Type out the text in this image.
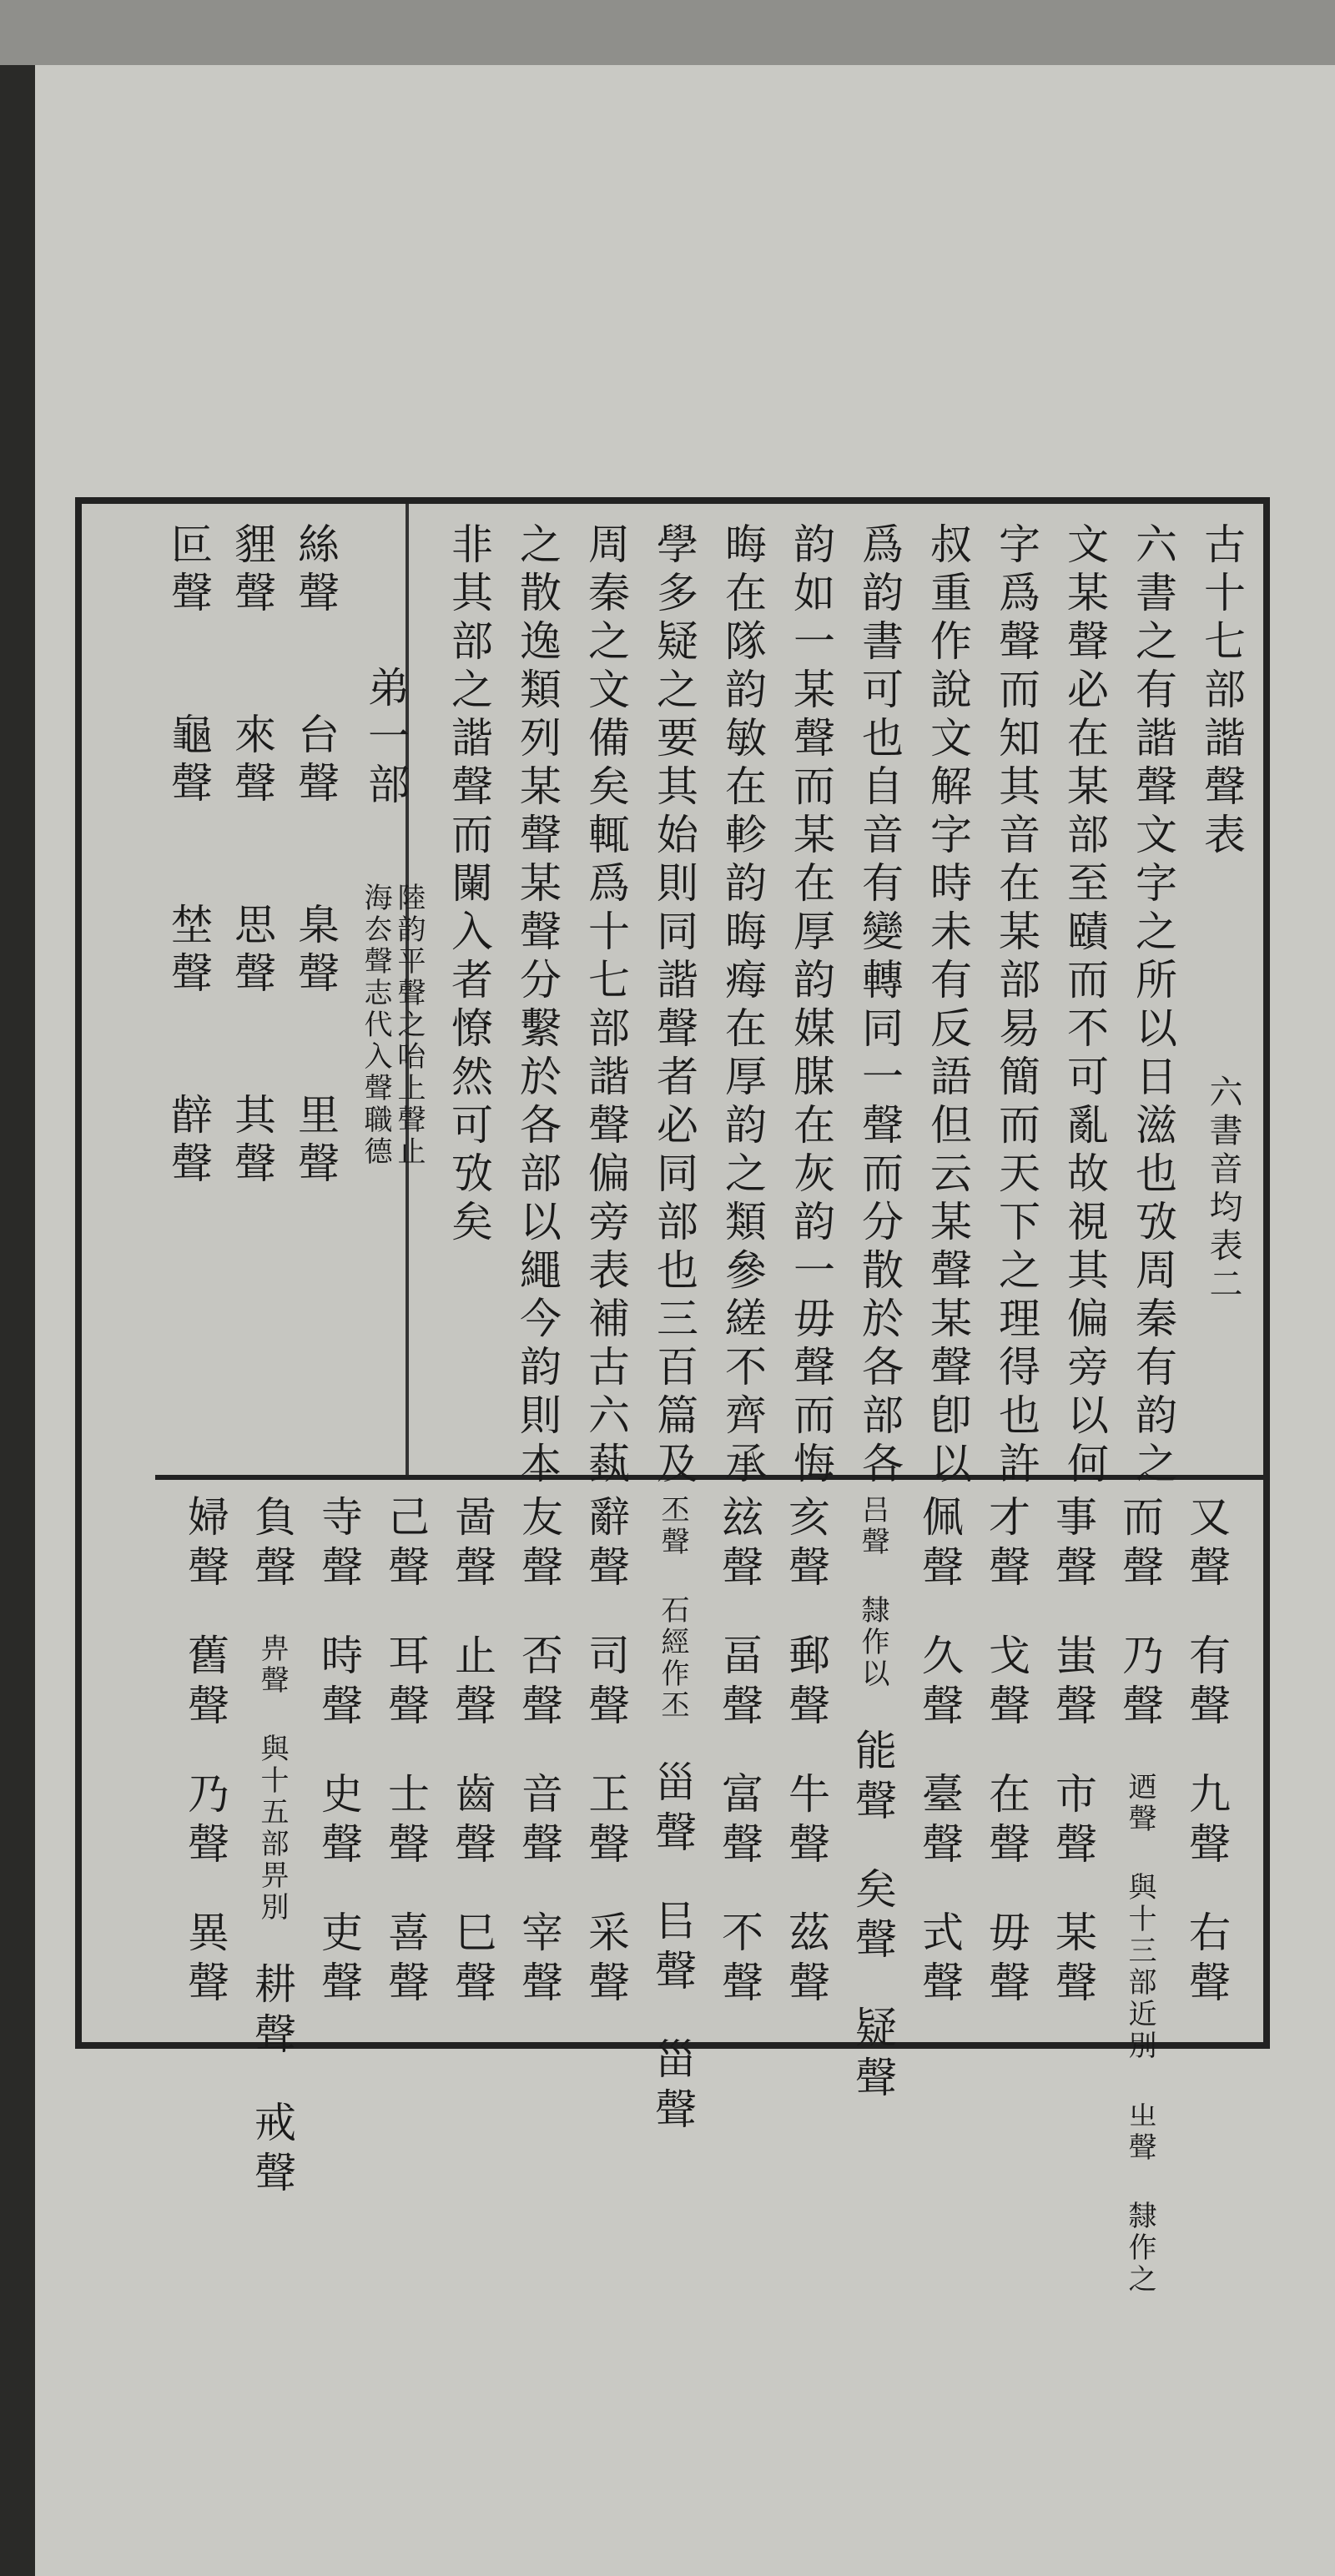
古十七部諧聲表
六書音均表二
六書之有諧聲文字之所以日滋也攷周秦有韵之
文某聲必在某部至賾而不可亂故視其偏旁以何
字爲聲而知其音在某部易簡而天下之理得也許
叔重作說文解字時未有反語但云某聲某聲卽以
爲韵書可也自音有變轉同一聲而分散於各部各
韵如一某聲而某在厚韵媒腜在灰韵一毋聲而悔
晦在隊韵敏在軫韵晦痗在厚韵之類參縒不齊承
學多疑之要其始則同諧聲者必同部也三百篇及
周秦之文備矣輒爲十七部諧聲偏旁表補古六蓺
之散逸類列某聲某聲分繫於各部以繩今韵則本
非其部之諧聲而闌入者憭然可攷矣
弟一部
陸韵平聲之咍上聲止
海厺聲志代入聲職德
絲聲 台聲 臬聲 里聲
貍聲 來聲 思聲 其聲
叵聲 龜聲 埜聲 辪聲
又聲有聲九聲右聲
而聲乃聲迺聲 與十三部近別㞢聲 隸作之
事聲蚩聲市聲某聲
才聲戈聲在聲毋聲
佩聲久聲臺聲式聲
吕聲 隸作以能聲矣聲疑聲
亥聲郵聲牛聲茲聲
玆聲畐聲富聲不聲
丕聲 石經作丕甾聲㠯聲甾聲
辭聲司聲㠪聲采聲
友聲否聲音聲宰聲
啚聲止聲齒聲巳聲
己聲耳聲士聲喜聲
寺聲時聲史聲吏聲
負聲畁聲 與十五部畀別耕聲戒聲
婦聲舊聲乃聲異聲
